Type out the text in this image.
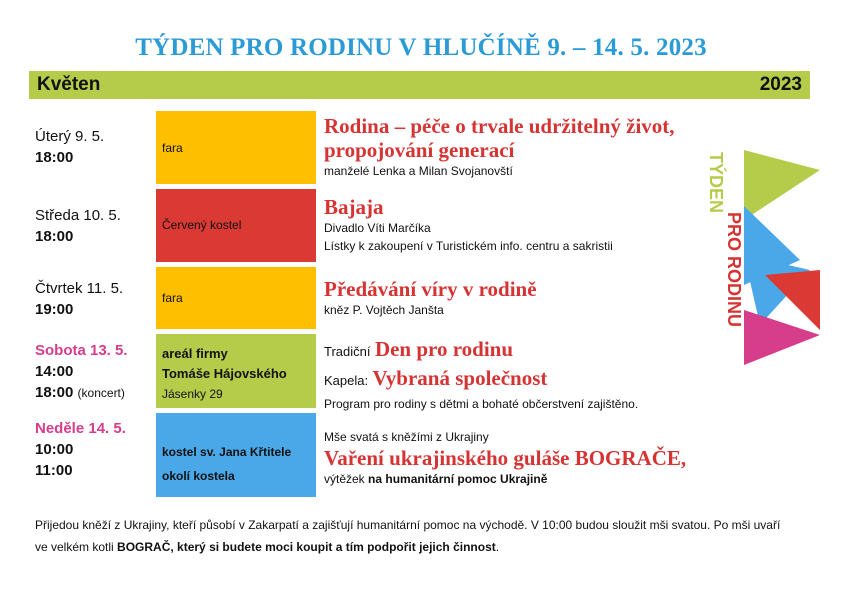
TÝDEN PRO RODINU V HLUČÍNĚ 9. – 14. 5. 2023
Květen	2023
Úterý 9. 5.
18:00
fara
Rodina – péče o trvale udržitelný život, propojování generací
manželé Lenka a Milan Svojanovští
Středa 10. 5.
18:00
Červený kostel
Bajaja
Divadlo Víti Marčíka
Lístky k zakoupení v Turistickém info. centru a sakristii
Čtvrtek 11. 5.
19:00
fara	Předávání víry v rodině
kněz P. Vojtěch Janšta
Sobota 13. 5.
14:00
18:00 (koncert)
areál firmy
Tomáše Hájovského
Jásenky 29
Tradiční Den pro rodinu
Kapela: Vybraná společnost
Program pro rodiny s dětmi a bohaté občerstvení zajištěno.
Neděle 14. 5.
10:00
11:00
kostel sv. Jana Křtitele
okolí kostela
Mše svatá s kněžími z Ukrajiny
Vaření ukrajinského guláše BOGRAČE,
výtěžek na humanitární pomoc Ukrajině
Přijedou kněží z Ukrajiny, kteří působí v Zakarpatí a zajišťují humanitární pomoc na východě. V 10:00 budou sloužit mši svatou. Po mši uvaří ve velkém kotli BOGRAČ, který si budete moci koupit a tím podpořit jejich činnost.
TÝDEN
PRO RODINU
